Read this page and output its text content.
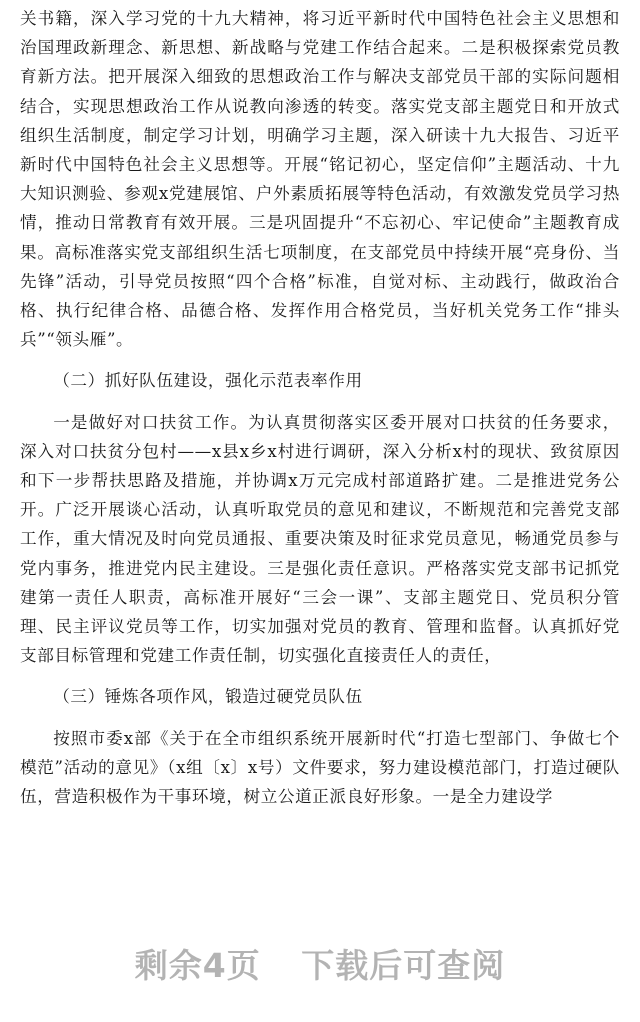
关书籍，深入学习党的十九大精神，将习近平新时代中国特色社会主义思想和治国理政新理念、新思想、新战略与党建工作结合起来。二是积极探索党员教育新方法。把开展深入细致的思想政治工作与解决支部党员干部的实际问题相结合，实现思想政治工作从说教向渗透的转变。落实党支部主题党日和开放式组织生活制度，制定学习计划，明确学习主题，深入研读十九大报告、习近平新时代中国特色社会主义思想等。开展“铭记初心，坚定信仰”主题活动、十九大知识测验、参观x党建展馆、户外素质拓展等特色活动，有效激发党员学习热情，推动日常教育有效开展。三是巩固提升“不忘初心、牢记使命”主题教育成果。高标准落实党支部组织生活七项制度，在支部党员中持续开展“亮身份、当先锋”活动，引导党员按照“四个合格”标准，自觉对标、主动践行，做政治合格、执行纪律合格、品德合格、发挥作用合格党员，当好机关党务工作“排头兵”“领头雁”。

（二）抓好队伍建设，强化示范表率作用

一是做好对口扶贫工作。为认真贯彻落实区委开展对口扶贫的任务要求，深入对口扶贫分包村——x县x乡x村进行调研，深入分析x村的现状、致贫原因和下一步帮扶思路及措施，并协调x万元完成村部道路扩建。二是推进党务公开。广泛开展谈心活动，认真听取党员的意见和建议，不断规范和完善党支部工作，重大情况及时向党员通报、重要决策及时征求党员意见，畅通党员参与党内事务，推进党内民主建设。三是强化责任意识。严格落实党支部书记抓党建第一责任人职责，高标准开展好“三会一课”、支部主题党日、党员积分管理、民主评议党员等工作，切实加强对党员的教育、管理和监督。认真抓好党支部目标管理和党建工作责任制，切实强化直接责任人的责任，

（三）锤炼各项作风，锻造过硬党员队伍

按照市委x部《关于在全市组织系统开展新时代“打造七型部门、争做七个模范”活动的意见》（x组〔x〕x号）文件要求，努力建设模范部门，打造过硬队伍，营造积极作为干事环境，树立公道正派良好形象。一是全力建设学

剩余4页 下载后可查阅
